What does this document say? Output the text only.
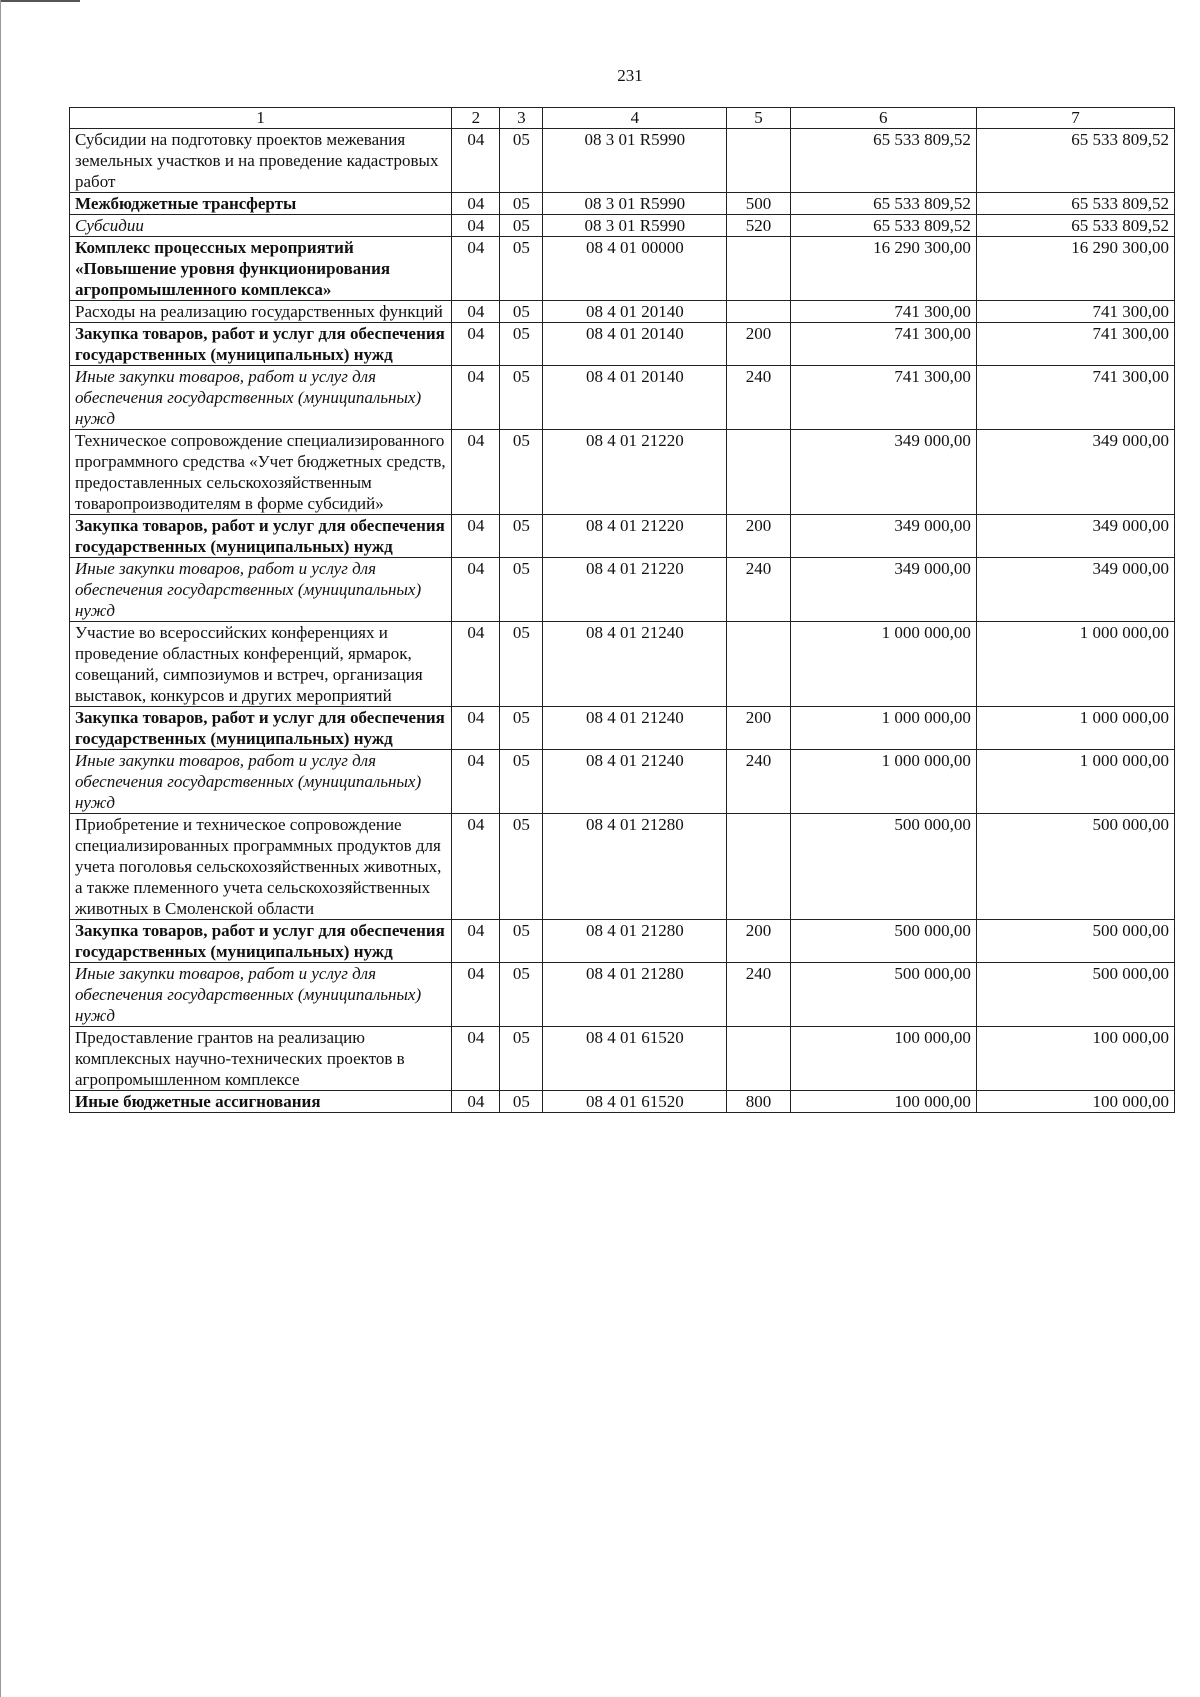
231
1	2	3	4	5	6	7
Субсидии на подготовку проектов межевания земельных участков и на проведение кадастровых работ	04	05	08 3 01 R5990		65 533 809,52	65 533 809,52
Межбюджетные трансферты	04	05	08 3 01 R5990	500	65 533 809,52	65 533 809,52
Субсидии	04	05	08 3 01 R5990	520	65 533 809,52	65 533 809,52
Комплекс процессных мероприятий «Повышение уровня функционирования агропромышленного комплекса»	04	05	08 4 01 00000		16 290 300,00	16 290 300,00
Расходы на реализацию государственных функций	04	05	08 4 01 20140		741 300,00	741 300,00
Закупка товаров, работ и услуг для обеспечения государственных (муниципальных) нужд	04	05	08 4 01 20140	200	741 300,00	741 300,00
Иные закупки товаров, работ и услуг для обеспечения государственных (муниципальных) нужд	04	05	08 4 01 20140	240	741 300,00	741 300,00
Техническое сопровождение специализированного программного средства «Учет бюджетных средств, предоставленных сельскохозяйственным товаропроизводителям в форме субсидий»	04	05	08 4 01 21220		349 000,00	349 000,00
Закупка товаров, работ и услуг для обеспечения государственных (муниципальных) нужд	04	05	08 4 01 21220	200	349 000,00	349 000,00
Иные закупки товаров, работ и услуг для обеспечения государственных (муниципальных) нужд	04	05	08 4 01 21220	240	349 000,00	349 000,00
Участие во всероссийских конференциях и проведение областных конференций, ярмарок, совещаний, симпозиумов и встреч, организация выставок, конкурсов и других мероприятий	04	05	08 4 01 21240		1 000 000,00	1 000 000,00
Закупка товаров, работ и услуг для обеспечения государственных (муниципальных) нужд	04	05	08 4 01 21240	200	1 000 000,00	1 000 000,00
Иные закупки товаров, работ и услуг для обеспечения государственных (муниципальных) нужд	04	05	08 4 01 21240	240	1 000 000,00	1 000 000,00
Приобретение и техническое сопровождение специализированных программных продуктов для учета поголовья сельскохозяйственных животных, а также племенного учета сельскохозяйственных животных в Смоленской области	04	05	08 4 01 21280		500 000,00	500 000,00
Закупка товаров, работ и услуг для обеспечения государственных (муниципальных) нужд	04	05	08 4 01 21280	200	500 000,00	500 000,00
Иные закупки товаров, работ и услуг для обеспечения государственных (муниципальных) нужд	04	05	08 4 01 21280	240	500 000,00	500 000,00
Предоставление грантов на реализацию комплексных научно-технических проектов в агропромышленном комплексе	04	05	08 4 01 61520		100 000,00	100 000,00
Иные бюджетные ассигнования	04	05	08 4 01 61520	800	100 000,00	100 000,00
